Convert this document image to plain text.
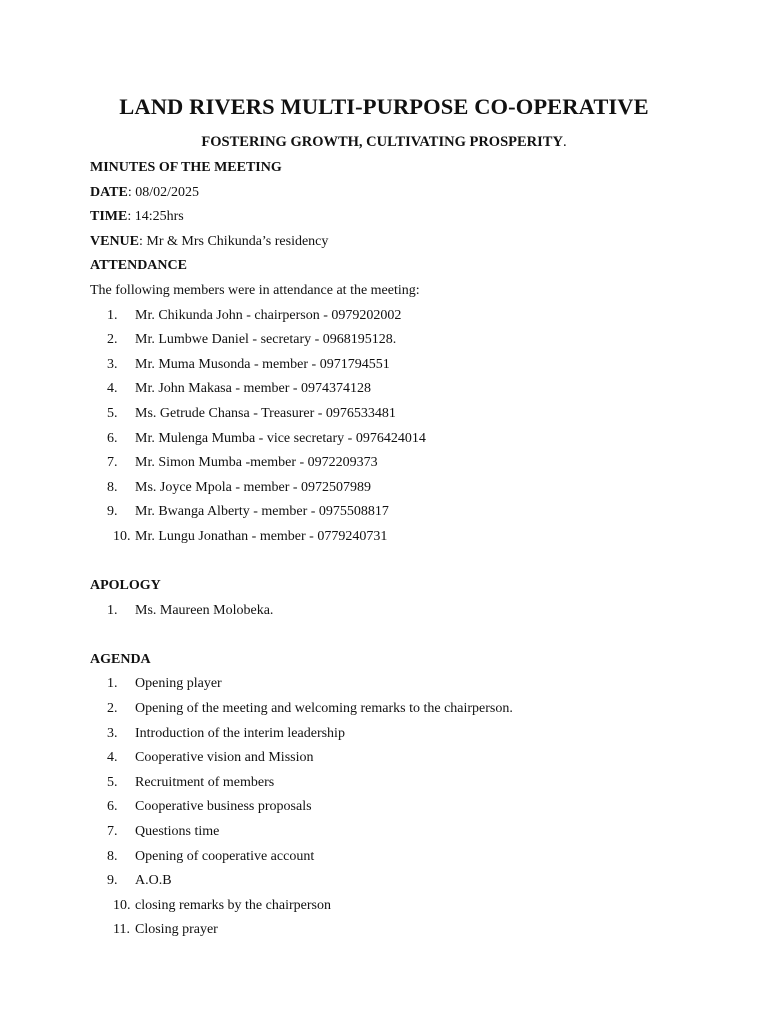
LAND RIVERS MULTI-PURPOSE CO-OPERATIVE
FOSTERING GROWTH, CULTIVATING PROSPERITY.
MINUTES OF THE MEETING
DATE: 08/02/2025
TIME: 14:25hrs
VENUE: Mr & Mrs Chikunda’s residency
ATTENDANCE
The following members were in attendance at the meeting:
1.	Mr. Chikunda John - chairperson - 0979202002
2.	Mr. Lumbwe Daniel - secretary - 0968195128.
3.	Mr. Muma Musonda - member - 0971794551
4.	Mr. John Makasa - member - 0974374128
5.	Ms. Getrude Chansa - Treasurer - 0976533481
6.	Mr. Mulenga Mumba - vice secretary - 0976424014
7.	Mr. Simon Mumba -member - 0972209373
8.	Ms. Joyce Mpola - member - 0972507989
9.	Mr. Bwanga Alberty - member - 0975508817
10. Mr. Lungu Jonathan - member - 0779240731
APOLOGY
1.	Ms. Maureen Molobeka.
AGENDA
1.	Opening player
2.	Opening of the meeting and welcoming remarks to the chairperson.
3.	Introduction of the interim leadership
4.	Cooperative vision and Mission
5.	Recruitment of members
6.	Cooperative business proposals
7.	Questions time
8.	Opening of cooperative account
9.	A.O.B
10. closing remarks by the chairperson
11. Closing prayer
